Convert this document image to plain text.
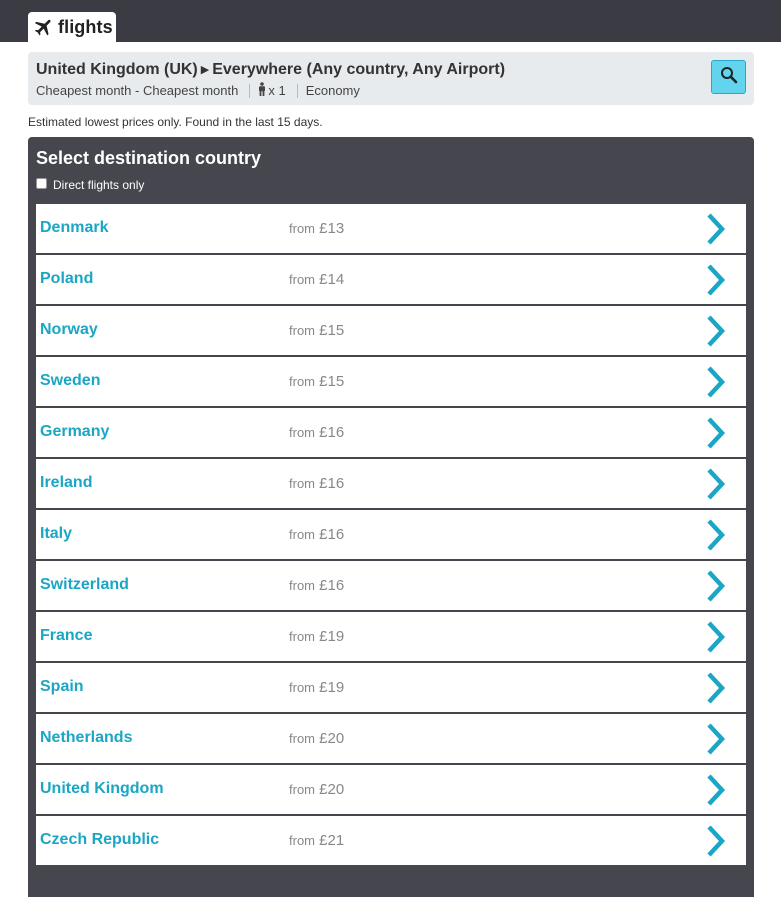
flights
United Kingdom (UK) ▶ Everywhere (Any country, Any Airport)
Cheapest month - Cheapest month x 1 Economy
Estimated lowest prices only. Found in the last 15 days.
Select destination country
Direct flights only
Denmark	from £13
Poland	from £14
Norway	from £15
Sweden	from £15
Germany	from £16
Ireland	from £16
Italy	from £16
Switzerland	from £16
France	from £19
Spain	from £19
Netherlands	from £20
United Kingdom	from £20
Czech Republic	from £21
